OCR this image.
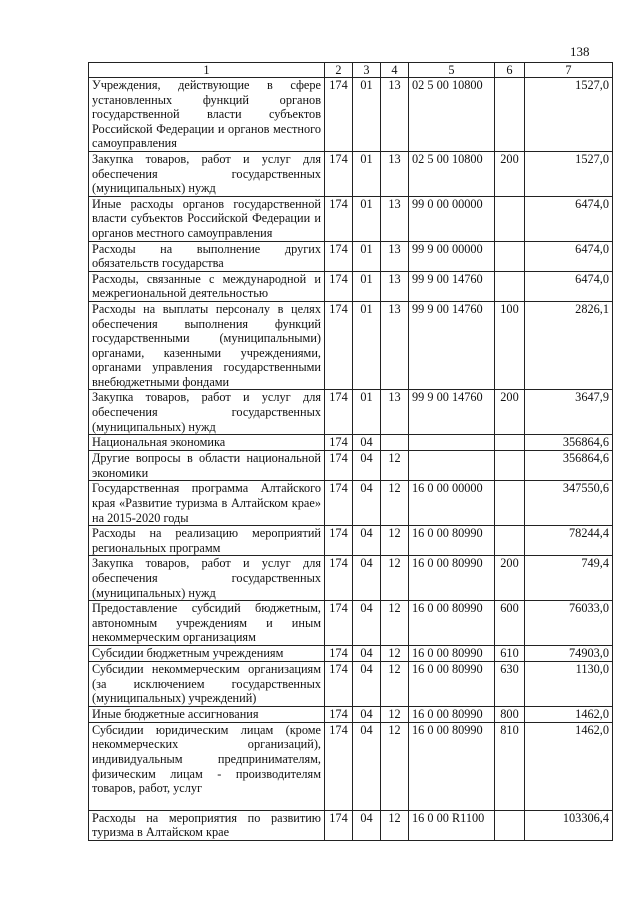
138
1	2	3	4	5	6	7
Учреждения, действующие в сфере установленных функций органов государственной власти субъектов Российской Федерации и органов местного самоуправления	174	01	13	02 5 00 10800		1527,0
Закупка товаров, работ и услуг для обеспечения государственных (муниципальных) нужд	174	01	13	02 5 00 10800	200	1527,0
Иные расходы органов государственной власти субъектов Российской Федерации и органов местного самоуправления	174	01	13	99 0 00 00000		6474,0
Расходы на выполнение других обязательств государства	174	01	13	99 9 00 00000		6474,0
Расходы, связанные с международной и межрегиональной деятельностью	174	01	13	99 9 00 14760		6474,0
Расходы на выплаты персоналу в целях обеспечения выполнения функций государственными (муниципальными) органами, казенными учреждениями, органами управления государственными внебюджетными фондами	174	01	13	99 9 00 14760	100	2826,1
Закупка товаров, работ и услуг для обеспечения государственных (муниципальных) нужд	174	01	13	99 9 00 14760	200	3647,9
Национальная экономика	174	04				356864,6
Другие вопросы в области национальной экономики	174	04	12			356864,6
Государственная программа Алтайского края «Развитие туризма в Алтайском крае» на 2015-2020 годы	174	04	12	16 0 00 00000		347550,6
Расходы на реализацию мероприятий региональных программ	174	04	12	16 0 00 80990		78244,4
Закупка товаров, работ и услуг для обеспечения государственных (муниципальных) нужд	174	04	12	16 0 00 80990	200	749,4
Предоставление субсидий бюджетным, автономным учреждениям и иным некоммерческим организациям	174	04	12	16 0 00 80990	600	76033,0
Субсидии бюджетным учреждениям	174	04	12	16 0 00 80990	610	74903,0
Субсидии некоммерческим организациям (за исключением государственных (муниципальных) учреждений)	174	04	12	16 0 00 80990	630	1130,0
Иные бюджетные ассигнования	174	04	12	16 0 00 80990	800	1462,0
Субсидии юридическим лицам (кроме некоммерческих организаций), индивидуальным предпринимателям, физическим лицам - производителям товаров, работ, услуг	174	04	12	16 0 00 80990	810	1462,0
Расходы на мероприятия по развитию туризма в Алтайском крае	174	04	12	16 0 00 R1100		103306,4
